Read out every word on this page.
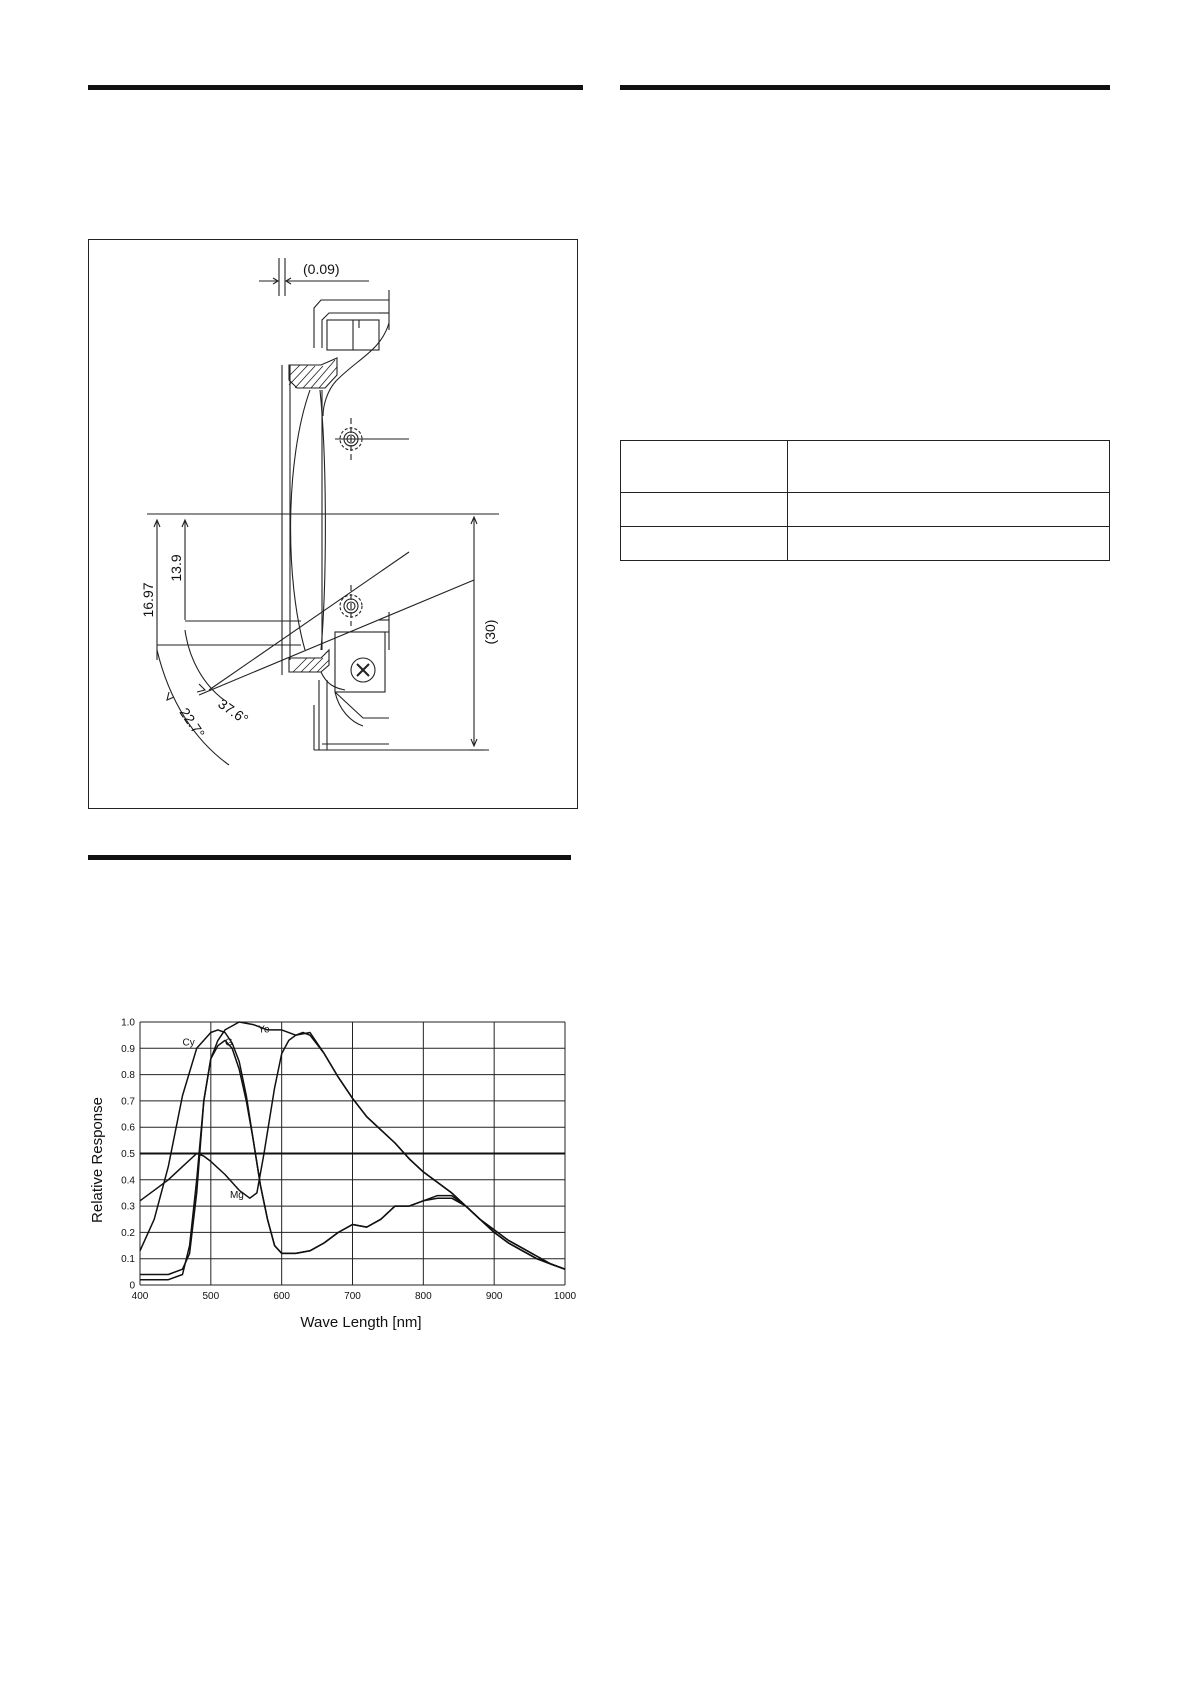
(0.09)
16.97
13.9
(30)
37.6°
22.7°

400	500	600	700	800	900	1000
0
0.1
0.2
0.3
0.4
0.5
0.6
0.7
0.8
0.9
1.0
Cy	G
Ye
Mg
Wave Length [nm]
Relative Response
